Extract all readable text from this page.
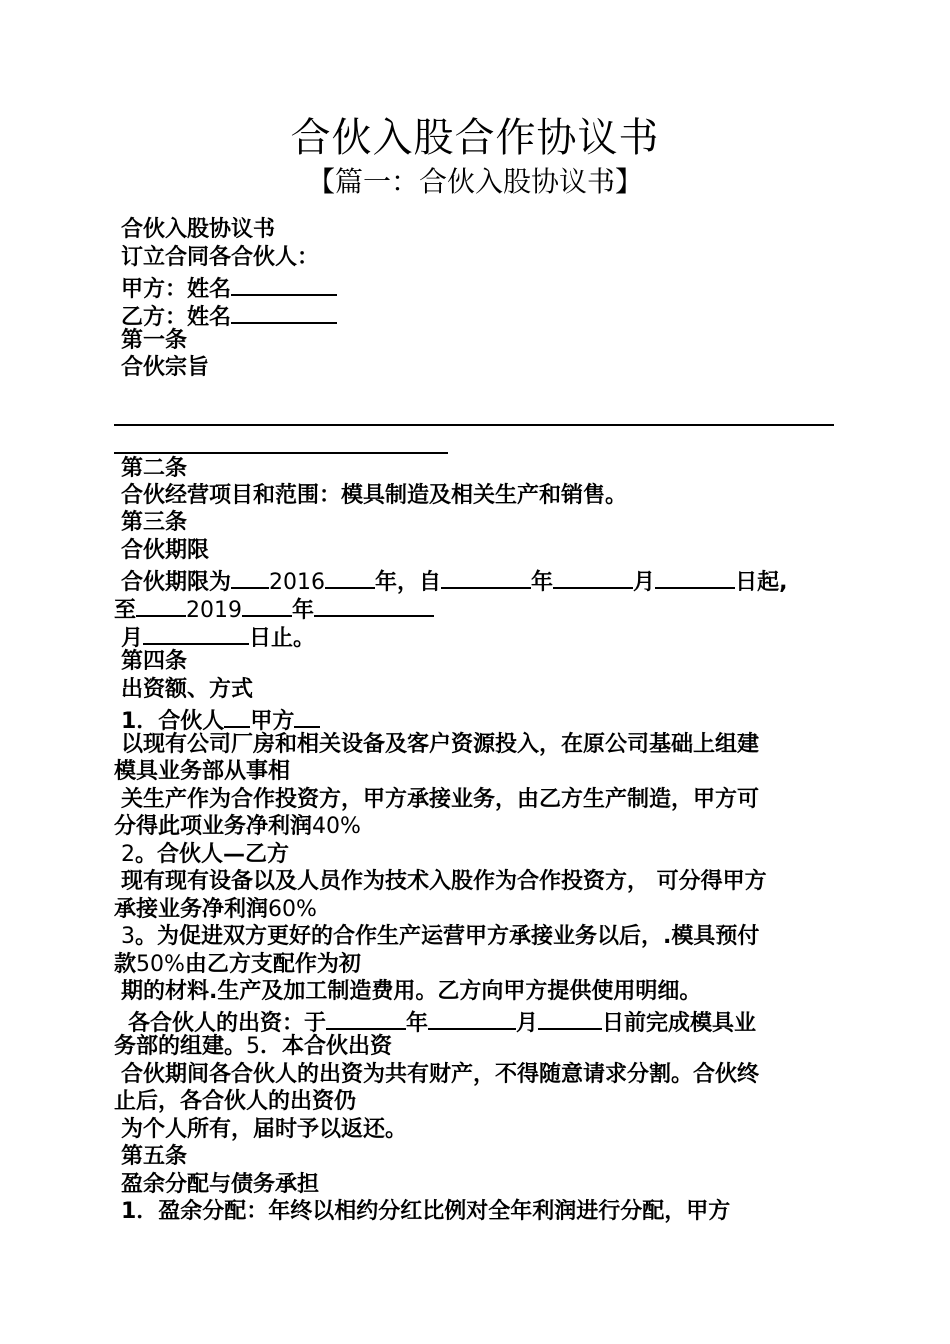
合伙入股合作协议书
【篇一：合伙入股协议书】
合伙入股协议书
订立合同各合伙人：
甲方：姓名
乙方：姓名
第一条
合伙宗旨
第二条
合伙经营项目和范围：模具制造及相关生产和销售。
第三条
合伙期限
合伙期限为 2016 年，自	年	月	日起,
至 2019 年
月	日止。
第四条
出资额、方式
1．合伙人 甲方
以现有公司厂房和相关设备及客户资源投入，在原公司基础上组建
模具业务部从事相
关生产作为合作投资方，甲方承接业务，由乙方生产制造，甲方可
分得此项业务净利润40%
2。合伙人—乙方
现有现有设备以及人员作为技术入股作为合作投资方， 可分得甲方
承接业务净利润60%
3。为促进双方更好的合作生产运营甲方承接业务以后，.模具预付
款50%由乙方支配作为初
期的材料.生产及加工制造费用。乙方向甲方提供使用明细。
各合伙人的出资：于	年	月	日前完成模具业
务部的组建。5．本合伙出资
合伙期间各合伙人的出资为共有财产，不得随意请求分割。合伙终
止后，各合伙人的出资仍
为个人所有，届时予以返还。
第五条
盈余分配与债务承担
1．盈余分配：年终以相约分红比例对全年利润进行分配，甲方
